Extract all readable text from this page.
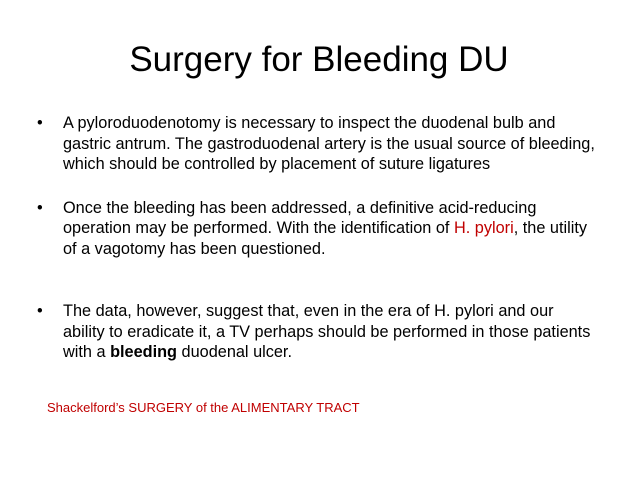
Surgery for Bleeding DU
• A pyloroduodenotomy is necessary to inspect the duodenal bulb and gastric antrum. The gastroduodenal artery is the usual source of bleeding, which should be controlled by placement of suture ligatures
• Once the bleeding has been addressed, a definitive acid-reducing operation may be performed. With the identification of H. pylori, the utility of a vagotomy has been questioned.
• The data, however, suggest that, even in the era of H. pylori and our ability to eradicate it, a TV perhaps should be performed in those patients with a bleeding duodenal ulcer.
Shackelford’s SURGERY of the ALIMENTARY TRACT
